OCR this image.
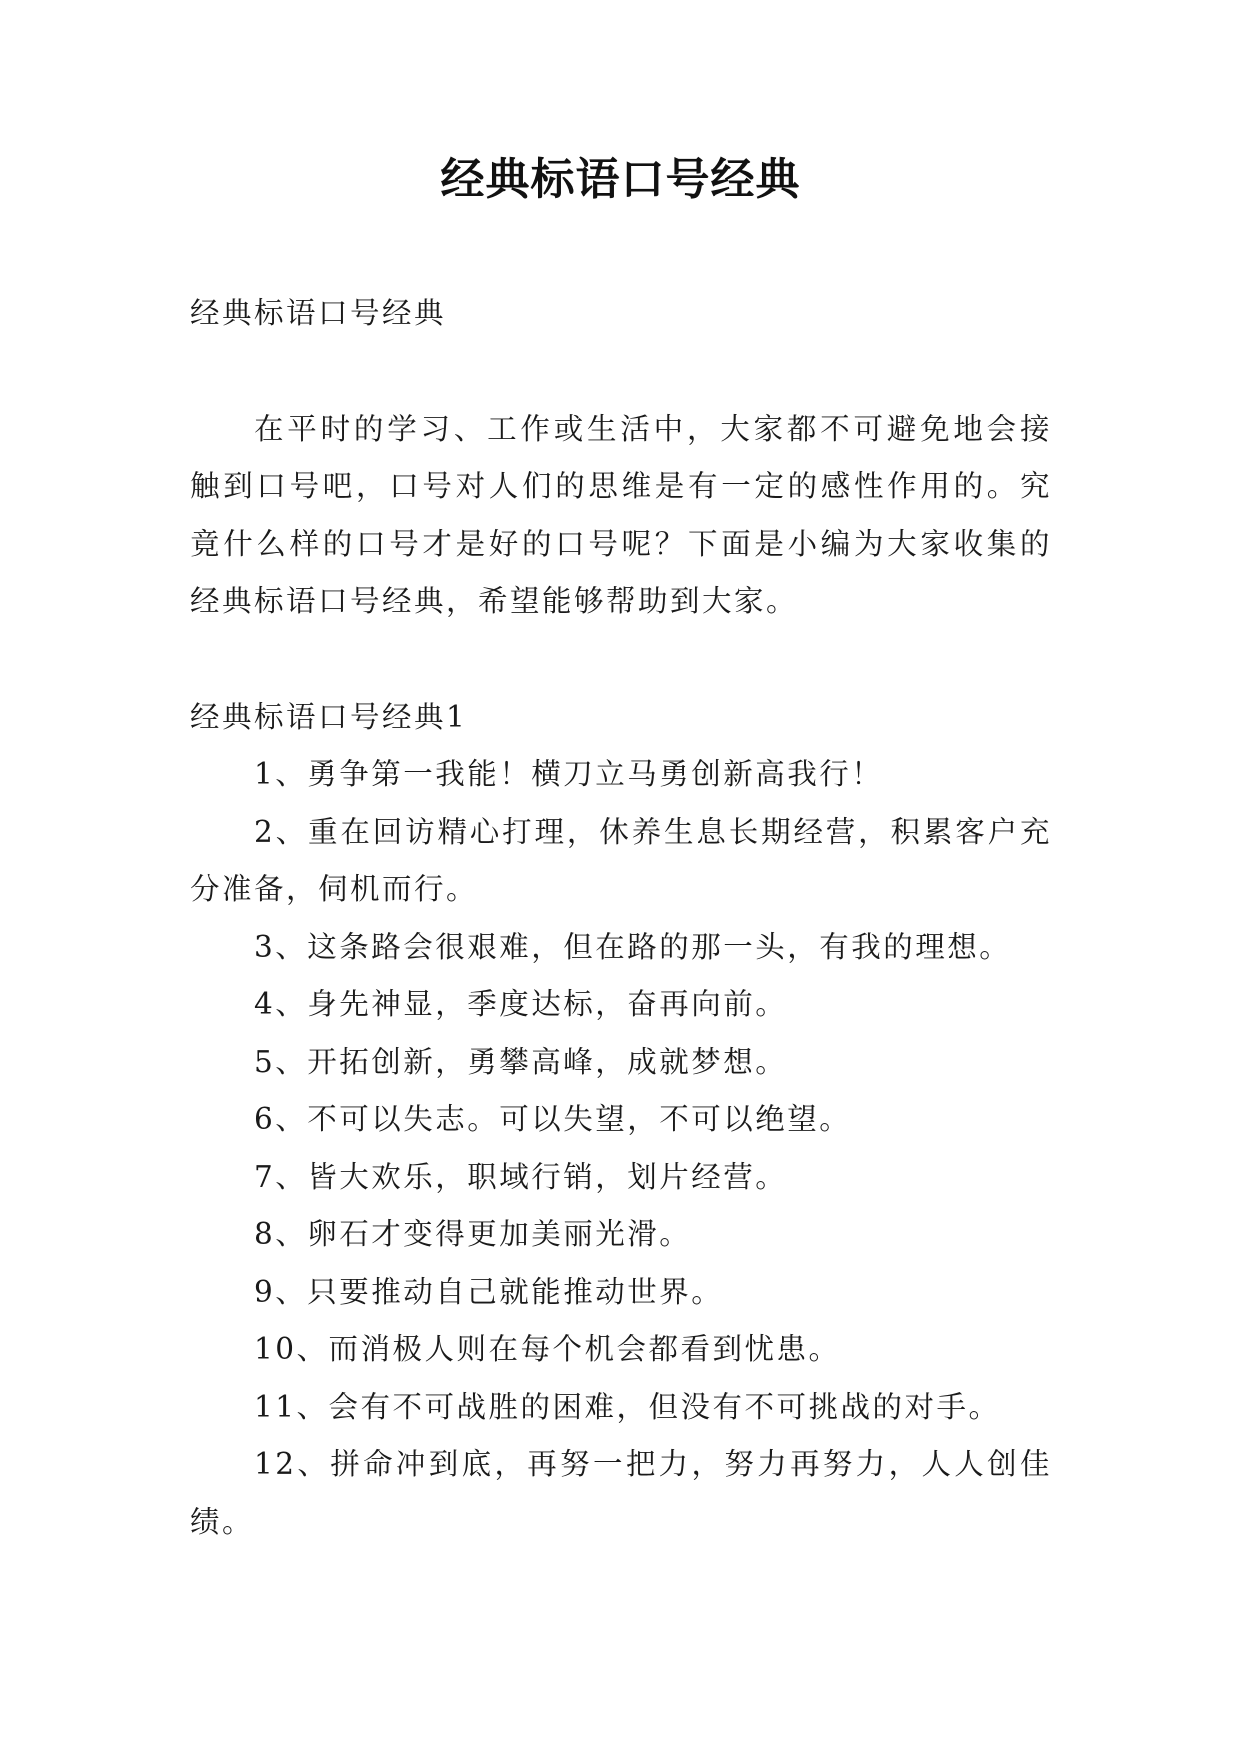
经典标语口号经典

经典标语口号经典

在平时的学习、工作或生活中，大家都不可避免地会接触到口号吧，口号对人们的思维是有一定的感性作用的。究竟什么样的口号才是好的口号呢？下面是小编为大家收集的经典标语口号经典，希望能够帮助到大家。

经典标语口号经典1

1、勇争第一我能！横刀立马勇创新高我行！

2、重在回访精心打理，休养生息长期经营，积累客户充分准备，伺机而行。

3、这条路会很艰难，但在路的那一头，有我的理想。

4、身先神显，季度达标，奋再向前。

5、开拓创新，勇攀高峰，成就梦想。

6、不可以失志。可以失望，不可以绝望。

7、皆大欢乐，职域行销，划片经营。

8、卵石才变得更加美丽光滑。

9、只要推动自己就能推动世界。

10、而消极人则在每个机会都看到忧患。

11、会有不可战胜的困难，但没有不可挑战的对手。

12、拼命冲到底，再努一把力，努力再努力，人人创佳绩。
